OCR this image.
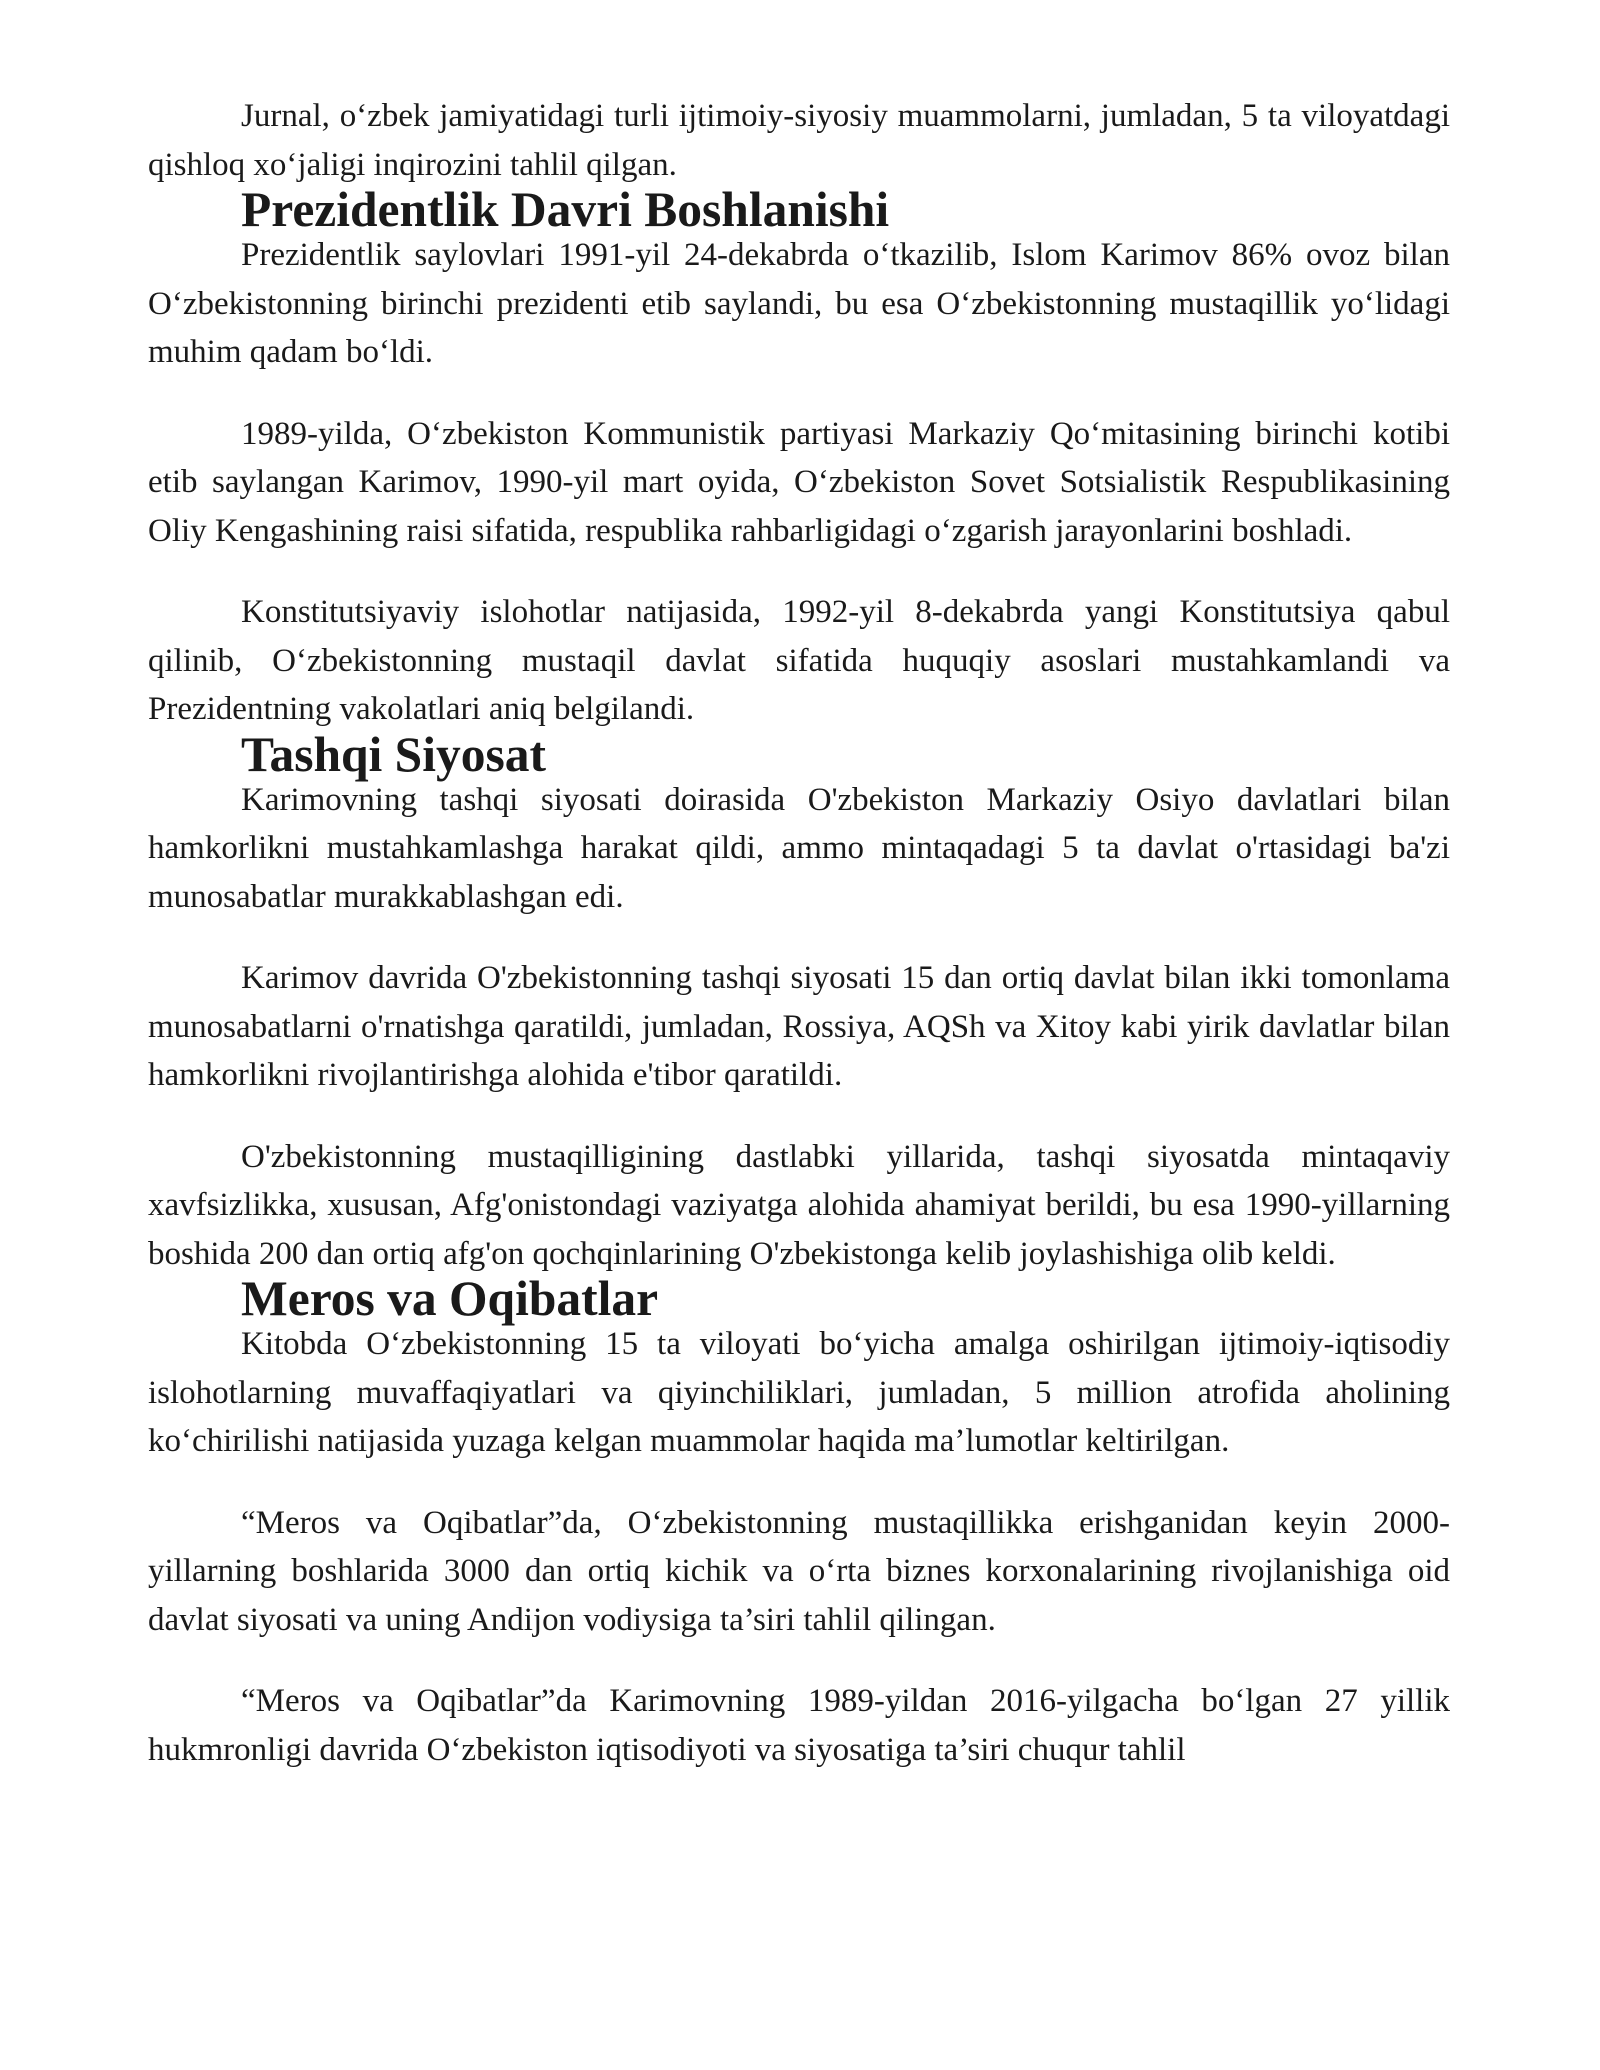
Jurnal, o‘zbek jamiyatidagi turli ijtimoiy-siyosiy muammolarni, jumladan, 5 ta viloyatdagi qishloq xo‘jaligi inqirozini tahlil qilgan.

Prezidentlik Davri Boshlanishi

Prezidentlik saylovlari 1991-yil 24-dekabrda o‘tkazilib, Islom Karimov 86% ovoz bilan O‘zbekistonning birinchi prezidenti etib saylandi, bu esa O‘zbekistonning mustaqillik yo‘lidagi muhim qadam bo‘ldi.

1989-yilda, O‘zbekiston Kommunistik partiyasi Markaziy Qo‘mitasining birinchi kotibi etib saylangan Karimov, 1990-yil mart oyida, O‘zbekiston Sovet Sotsialistik Respublikasining Oliy Kengashining raisi sifatida, respublika rahbarligidagi o‘zgarish jarayonlarini boshladi.

Konstitutsiyaviy islohotlar natijasida, 1992-yil 8-dekabrda yangi Konstitutsiya qabul qilinib, O‘zbekistonning mustaqil davlat sifatida huquqiy asoslari mustahkamlandi va Prezidentning vakolatlari aniq belgilandi.

Tashqi Siyosat

Karimovning tashqi siyosati doirasida O'zbekiston Markaziy Osiyo davlatlari bilan hamkorlikni mustahkamlashga harakat qildi, ammo mintaqadagi 5 ta davlat o'rtasidagi ba'zi munosabatlar murakkablashgan edi.

Karimov davrida O'zbekistonning tashqi siyosati 15 dan ortiq davlat bilan ikki tomonlama munosabatlarni o'rnatishga qaratildi, jumladan, Rossiya, AQSh va Xitoy kabi yirik davlatlar bilan hamkorlikni rivojlantirishga alohida e'tibor qaratildi.

O'zbekistonning mustaqilligining dastlabki yillarida, tashqi siyosatda mintaqaviy xavfsizlikka, xususan, Afg'onistondagi vaziyatga alohida ahamiyat berildi, bu esa 1990-yillarning boshida 200 dan ortiq afg'on qochqinlarining O'zbekistonga kelib joylashishiga olib keldi.

Meros va Oqibatlar

Kitobda O‘zbekistonning 15 ta viloyati bo‘yicha amalga oshirilgan ijtimoiy-iqtisodiy islohotlarning muvaffaqiyatlari va qiyinchiliklari, jumladan, 5 million atrofida aholining ko‘chirilishi natijasida yuzaga kelgan muammolar haqida ma’lumotlar keltirilgan.

“Meros va Oqibatlar”da, O‘zbekistonning mustaqillikka erishganidan keyin 2000-yillarning boshlarida 3000 dan ortiq kichik va o‘rta biznes korxonalarining rivojlanishiga oid davlat siyosati va uning Andijon vodiysiga ta’siri tahlil qilingan.

“Meros va Oqibatlar”da Karimovning 1989-yildan 2016-yilgacha bo‘lgan 27 yillik hukmronligi davrida O‘zbekiston iqtisodiyoti va siyosatiga ta’siri chuqur tahlil
